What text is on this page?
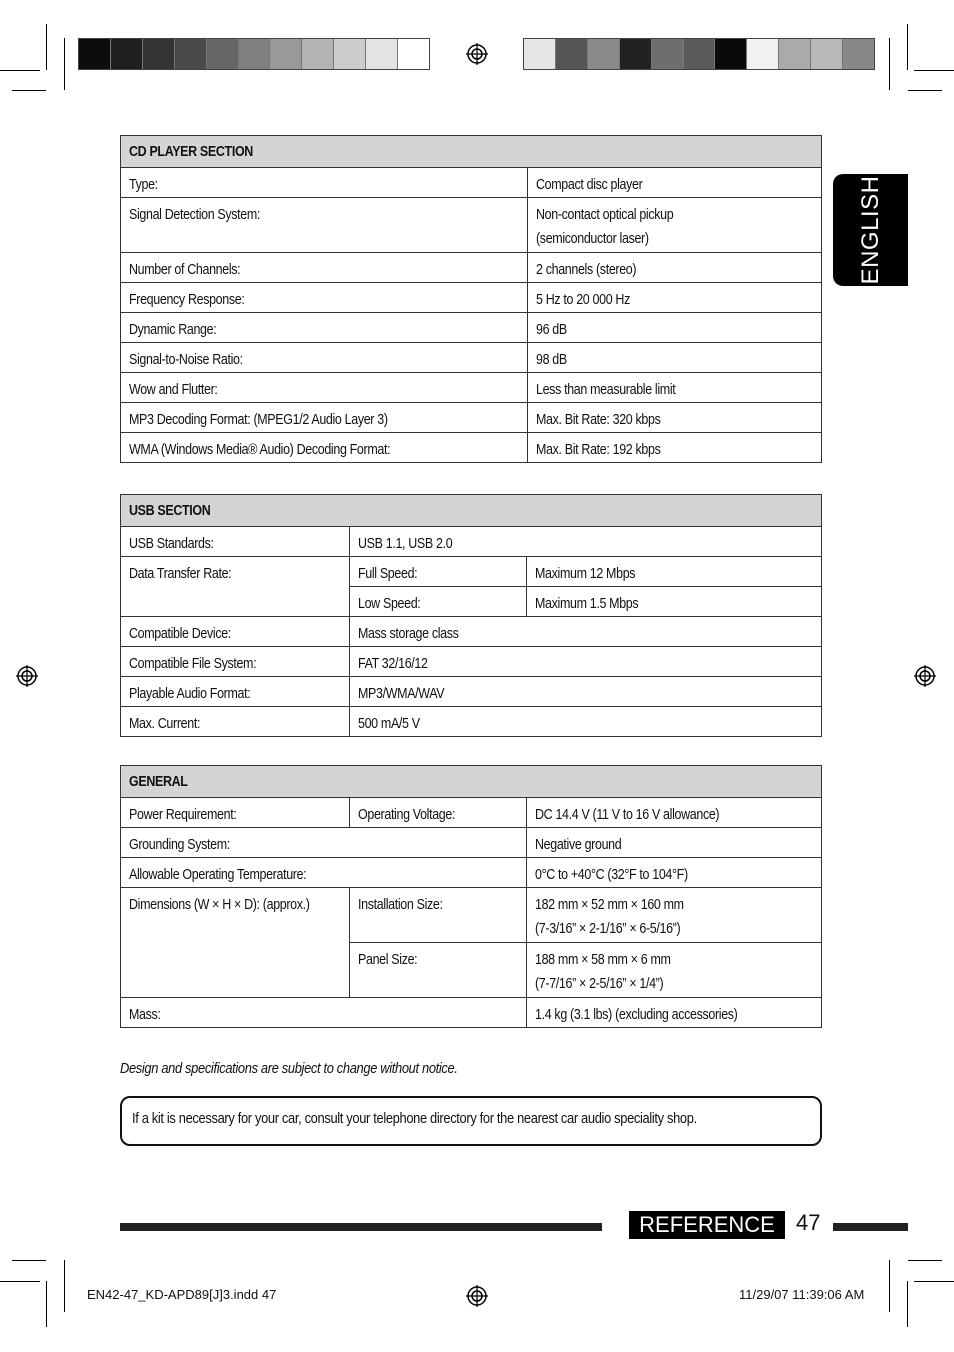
ENGLISH
CD PLAYER SECTION	
Type:	Compact disc player
Signal Detection System:	Non-contact optical pickup
(semiconductor laser)
Number of Channels:	2 channels (stereo)
Frequency Response:	5 Hz to 20 000 Hz
Dynamic Range:	96 dB
Signal-to-Noise Ratio:	98 dB
Wow and Flutter:	Less than measurable limit
MP3 Decoding Format: (MPEG1/2 Audio Layer 3)	Max. Bit Rate: 320 kbps
WMA (Windows Media® Audio) Decoding Format:	Max. Bit Rate: 192 kbps
USB SECTION		
USB Standards:	USB 1.1, USB 2.0	
Data Transfer Rate:	Full Speed:	Maximum 12 Mbps
	Low Speed:	Maximum 1.5 Mbps
Compatible Device:	Mass storage class	
Compatible File System:	FAT 32/16/12	
Playable Audio Format:	MP3/WMA/WAV	
Max. Current:	500 mA/5 V	
GENERAL		
Power Requirement:	Operating Voltage:	DC 14.4 V (11 V to 16 V allowance)
Grounding System:		Negative ground
Allowable Operating Temperature:		0°C to +40°C (32°F to 104°F)
Dimensions (W × H × D): (approx.)	Installation Size:	182 mm × 52 mm × 160 mm
(7-3/16” × 2-1/16” × 6-5/16”)
	Panel Size:	188 mm × 58 mm × 6 mm
(7-7/16” × 2-5/16” × 1/4”)
Mass:		1.4 kg (3.1 lbs) (excluding accessories)
Design and specifications are subject to change without notice.
If a kit is necessary for your car, consult your telephone directory for the nearest car audio speciality shop.
REFERENCE 47
EN42-47_KD-APD89[J]3.indd 47	11/29/07 11:39:06 AM
